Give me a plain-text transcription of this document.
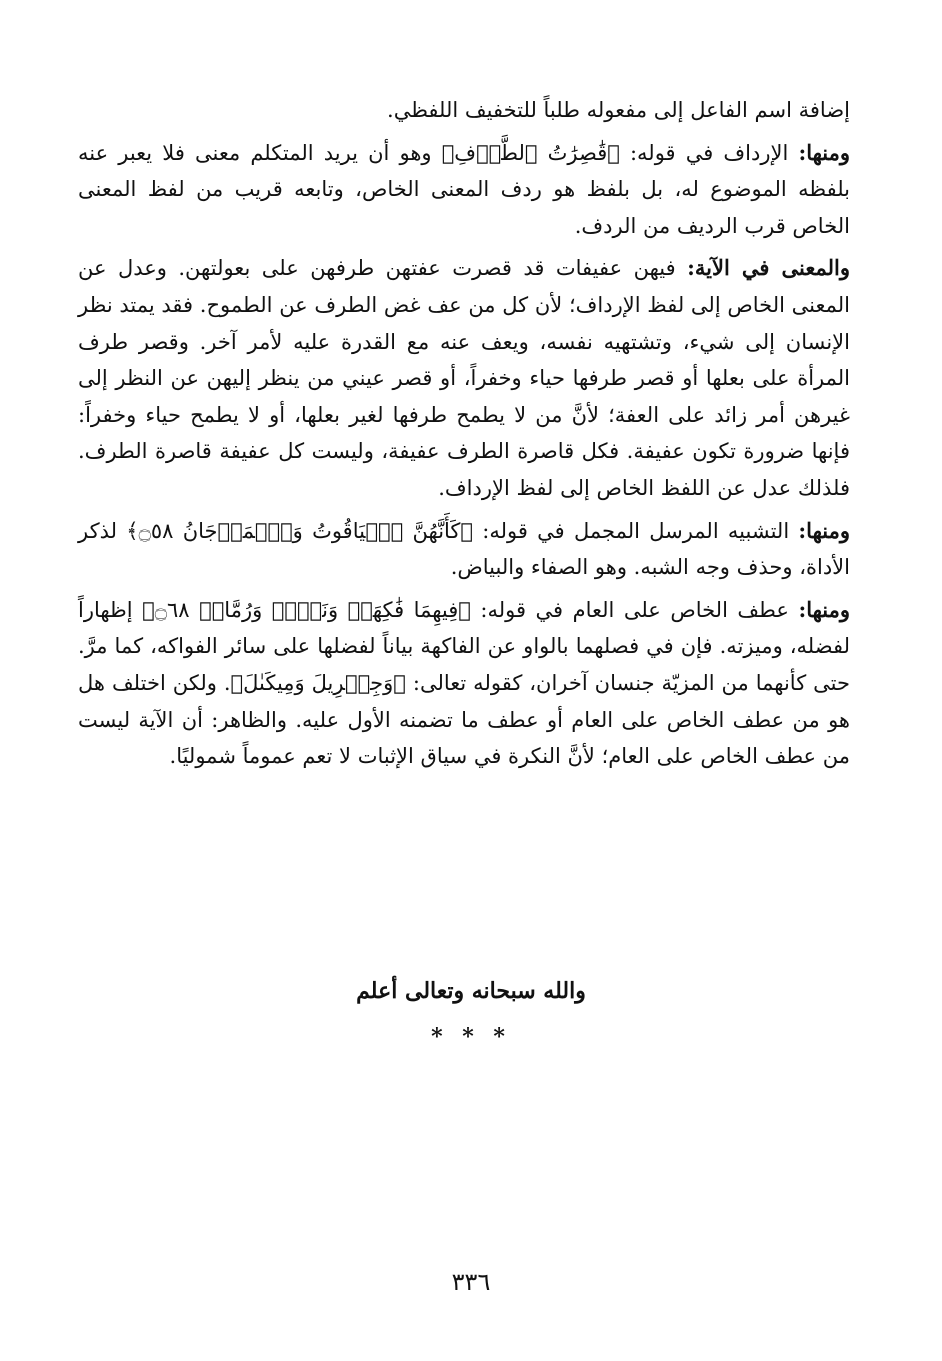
إضافة اسم الفاعل إلى مفعوله طلباً للتخفيف اللفظي.

ومنها: الإرداف في قوله: ﴿قَٰصِرَٰتُ ٱلطَّرۡفِ﴾ وهو أن يريد المتكلم معنى فلا يعبر عنه بلفظه الموضوع له، بل بلفظ هو ردف المعنى الخاص، وتابعه قريب من لفظ المعنى الخاص قرب الرديف من الردف.

والمعنى في الآية: فيهن عفيفات قد قصرت عفتهن طرفهن على بعولتهن. وعدل عن المعنى الخاص إلى لفظ الإرداف؛ لأن كل من عف غض الطرف عن الطموح. فقد يمتد نظر الإنسان إلى شيء، وتشتهيه نفسه، ويعف عنه مع القدرة عليه لأمر آخر. وقصر طرف المرأة على بعلها أو قصر طرفها حياء وخفراً، أو قصر عيني من ينظر إليهن عن النظر إلى غيرهن أمر زائد على العفة؛ لأنَّ من لا يطمح طرفها لغير بعلها، أو لا يطمح حياء وخفراً: فإنها ضرورة تكون عفيفة. فكل قاصرة الطرف عفيفة، وليست كل عفيفة قاصرة الطرف. فلذلك عدل عن اللفظ الخاص إلى لفظ الإرداف.

ومنها: التشبيه المرسل المجمل في قوله: ﴿كَأَنَّهُنَّ ٱلۡيَاقُوتُ وَٱلۡمَرۡجَانُ ۝٥٨﴾ لذكر الأداة، وحذف وجه الشبه. وهو الصفاء والبياض.

ومنها: عطف الخاص على العام في قوله: ﴿فِيهِمَا فَٰكِهَةٞ وَنَخۡلٞ وَرُمَّانٞ ۝٦٨﴾ إظهاراً لفضله، وميزته. فإن في فصلهما بالواو عن الفاكهة بياناً لفضلها على سائر الفواكه، كما مرَّ. حتى كأنهما من المزيّة جنسان آخران، كقوله تعالى: ﴿وَجِبۡرِيلَ وَمِيكَىٰلَ﴾. ولكن اختلف هل هو من عطف الخاص على العام أو عطف ما تضمنه الأول عليه. والظاهر: أن الآية ليست من عطف الخاص على العام؛ لأنَّ النكرة في سياق الإثبات لا تعم عموماً شموليًا.

والله سبحانه وتعالى أعلم
* * *
٣٣٦
